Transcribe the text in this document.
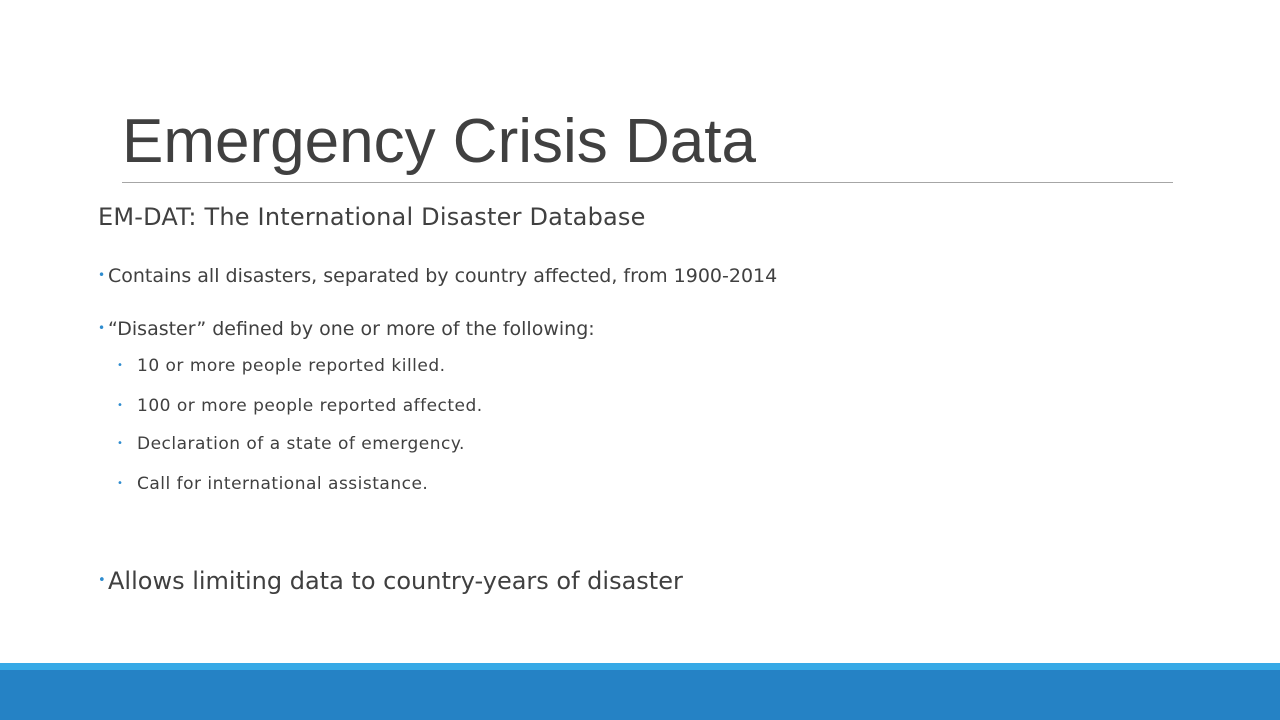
Emergency Crisis Data
EM-DAT: The International Disaster Database
• Contains all disasters, separated by country affected, from 1900-2014
• “Disaster” defined by one or more of the following:
• 10 or more people reported killed.
• 100 or more people reported affected.
• Declaration of a state of emergency.
• Call for international assistance.
•Allows limiting data to country-years of disaster
